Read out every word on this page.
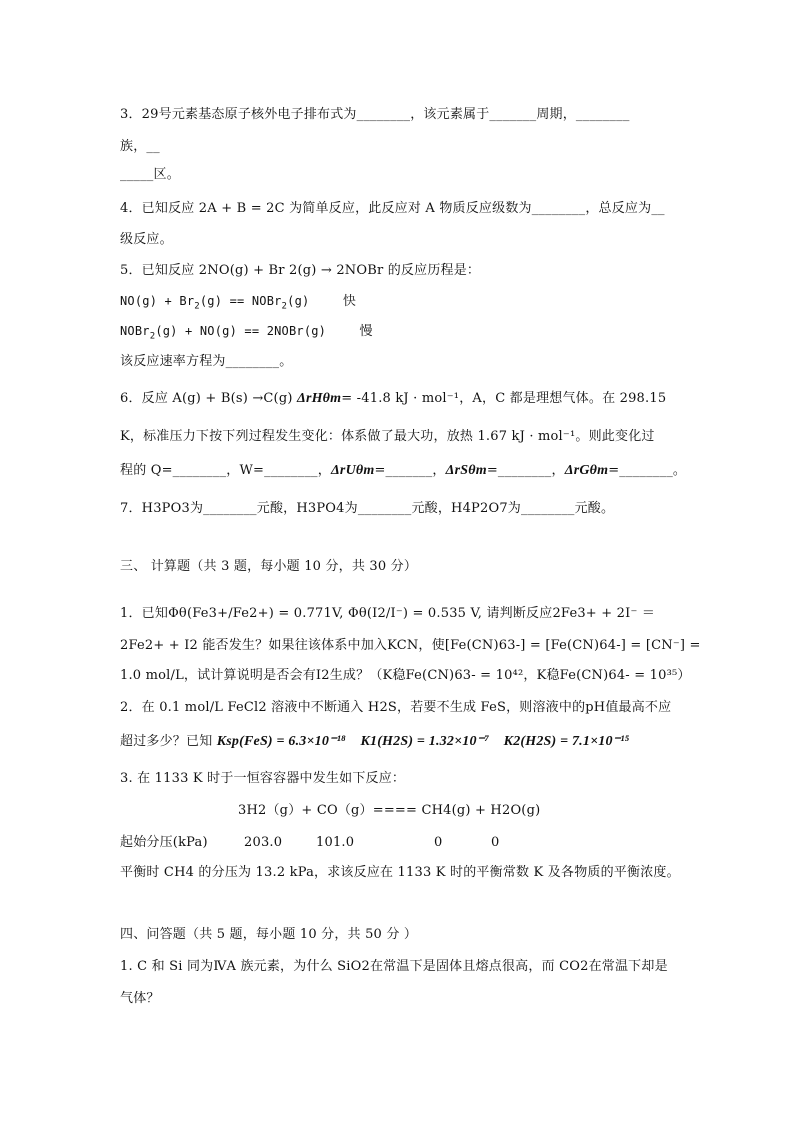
3．29号元素基态原子核外电子排布式为________，该元素属于_______周期，________
族，__
_____区。
4．已知反应 2A + B = 2C 为简单反应，此反应对 A 物质反应级数为________，总反应为__
级反应。
5．已知反应 2NO(g) + Br 2(g) → 2NOBr 的反应历程是：
$NO(g) + Br_2(g)$ == NOBr$_2$(g)	快
NOBr$_2$(g) + NO(g) == 2NOBr(g)	慢
该反应速率方程为________。
6．反应 A(g) + B(s) →C(g) ΔrHθm= -41.8 kJ · mol⁻¹，A，C 都是理想气体。在 298.15
K，标准压力下按下列过程发生变化：体系做了最大功，放热 1.67 kJ · mol⁻¹。则此变化过
程的 Q=________，W=________，ΔrUθm=_______，ΔrSθm=________，ΔrGθm=________。
7．H3PO3为________元酸，H3PO4为________元酸，H4P2O7为________元酸。
三、 计算题（共 3 题，每小题 10 分，共 30 分）
1．已知Φθ(Fe3+/Fe2+) = 0.771V, Φθ(I2/I⁻) = 0.535 V, 请判断反应2Fe3+ + 2I⁻ ＝
2Fe2+ + I2 能否发生？如果往该体系中加入KCN，使[Fe(CN)63-] = [Fe(CN)64-] = [CN⁻] =
1.0 mol/L，试计算说明是否会有I2生成？（K稳Fe(CN)63- = 10⁴²，K稳Fe(CN)64- = 10³⁵）
2．在 0.1 mol/L FeCl2 溶液中不断通入 H2S，若要不生成 FeS，则溶液中的pH值最高不应
超过多少？已知 Ksp(FeS) = 6.3×10⁻¹⁸ K1(H2S) = 1.32×10⁻⁷ K2(H2S) = 7.1×10⁻¹⁵
3. 在 1133 K 时于一恒容容器中发生如下反应：
3H2（g）+ CO（g）==== CH4(g) + H2O(g)
起始分压(kPa)	203.0	101.0	0	0
平衡时 CH4 的分压为 13.2 kPa，求该反应在 1133 K 时的平衡常数 K 及各物质的平衡浓度。
四、问答题（共 5 题，每小题 10 分，共 50 分 ）
1. C 和 Si 同为ⅣA 族元素，为什么 SiO2在常温下是固体且熔点很高，而 CO2在常温下却是
气体？
